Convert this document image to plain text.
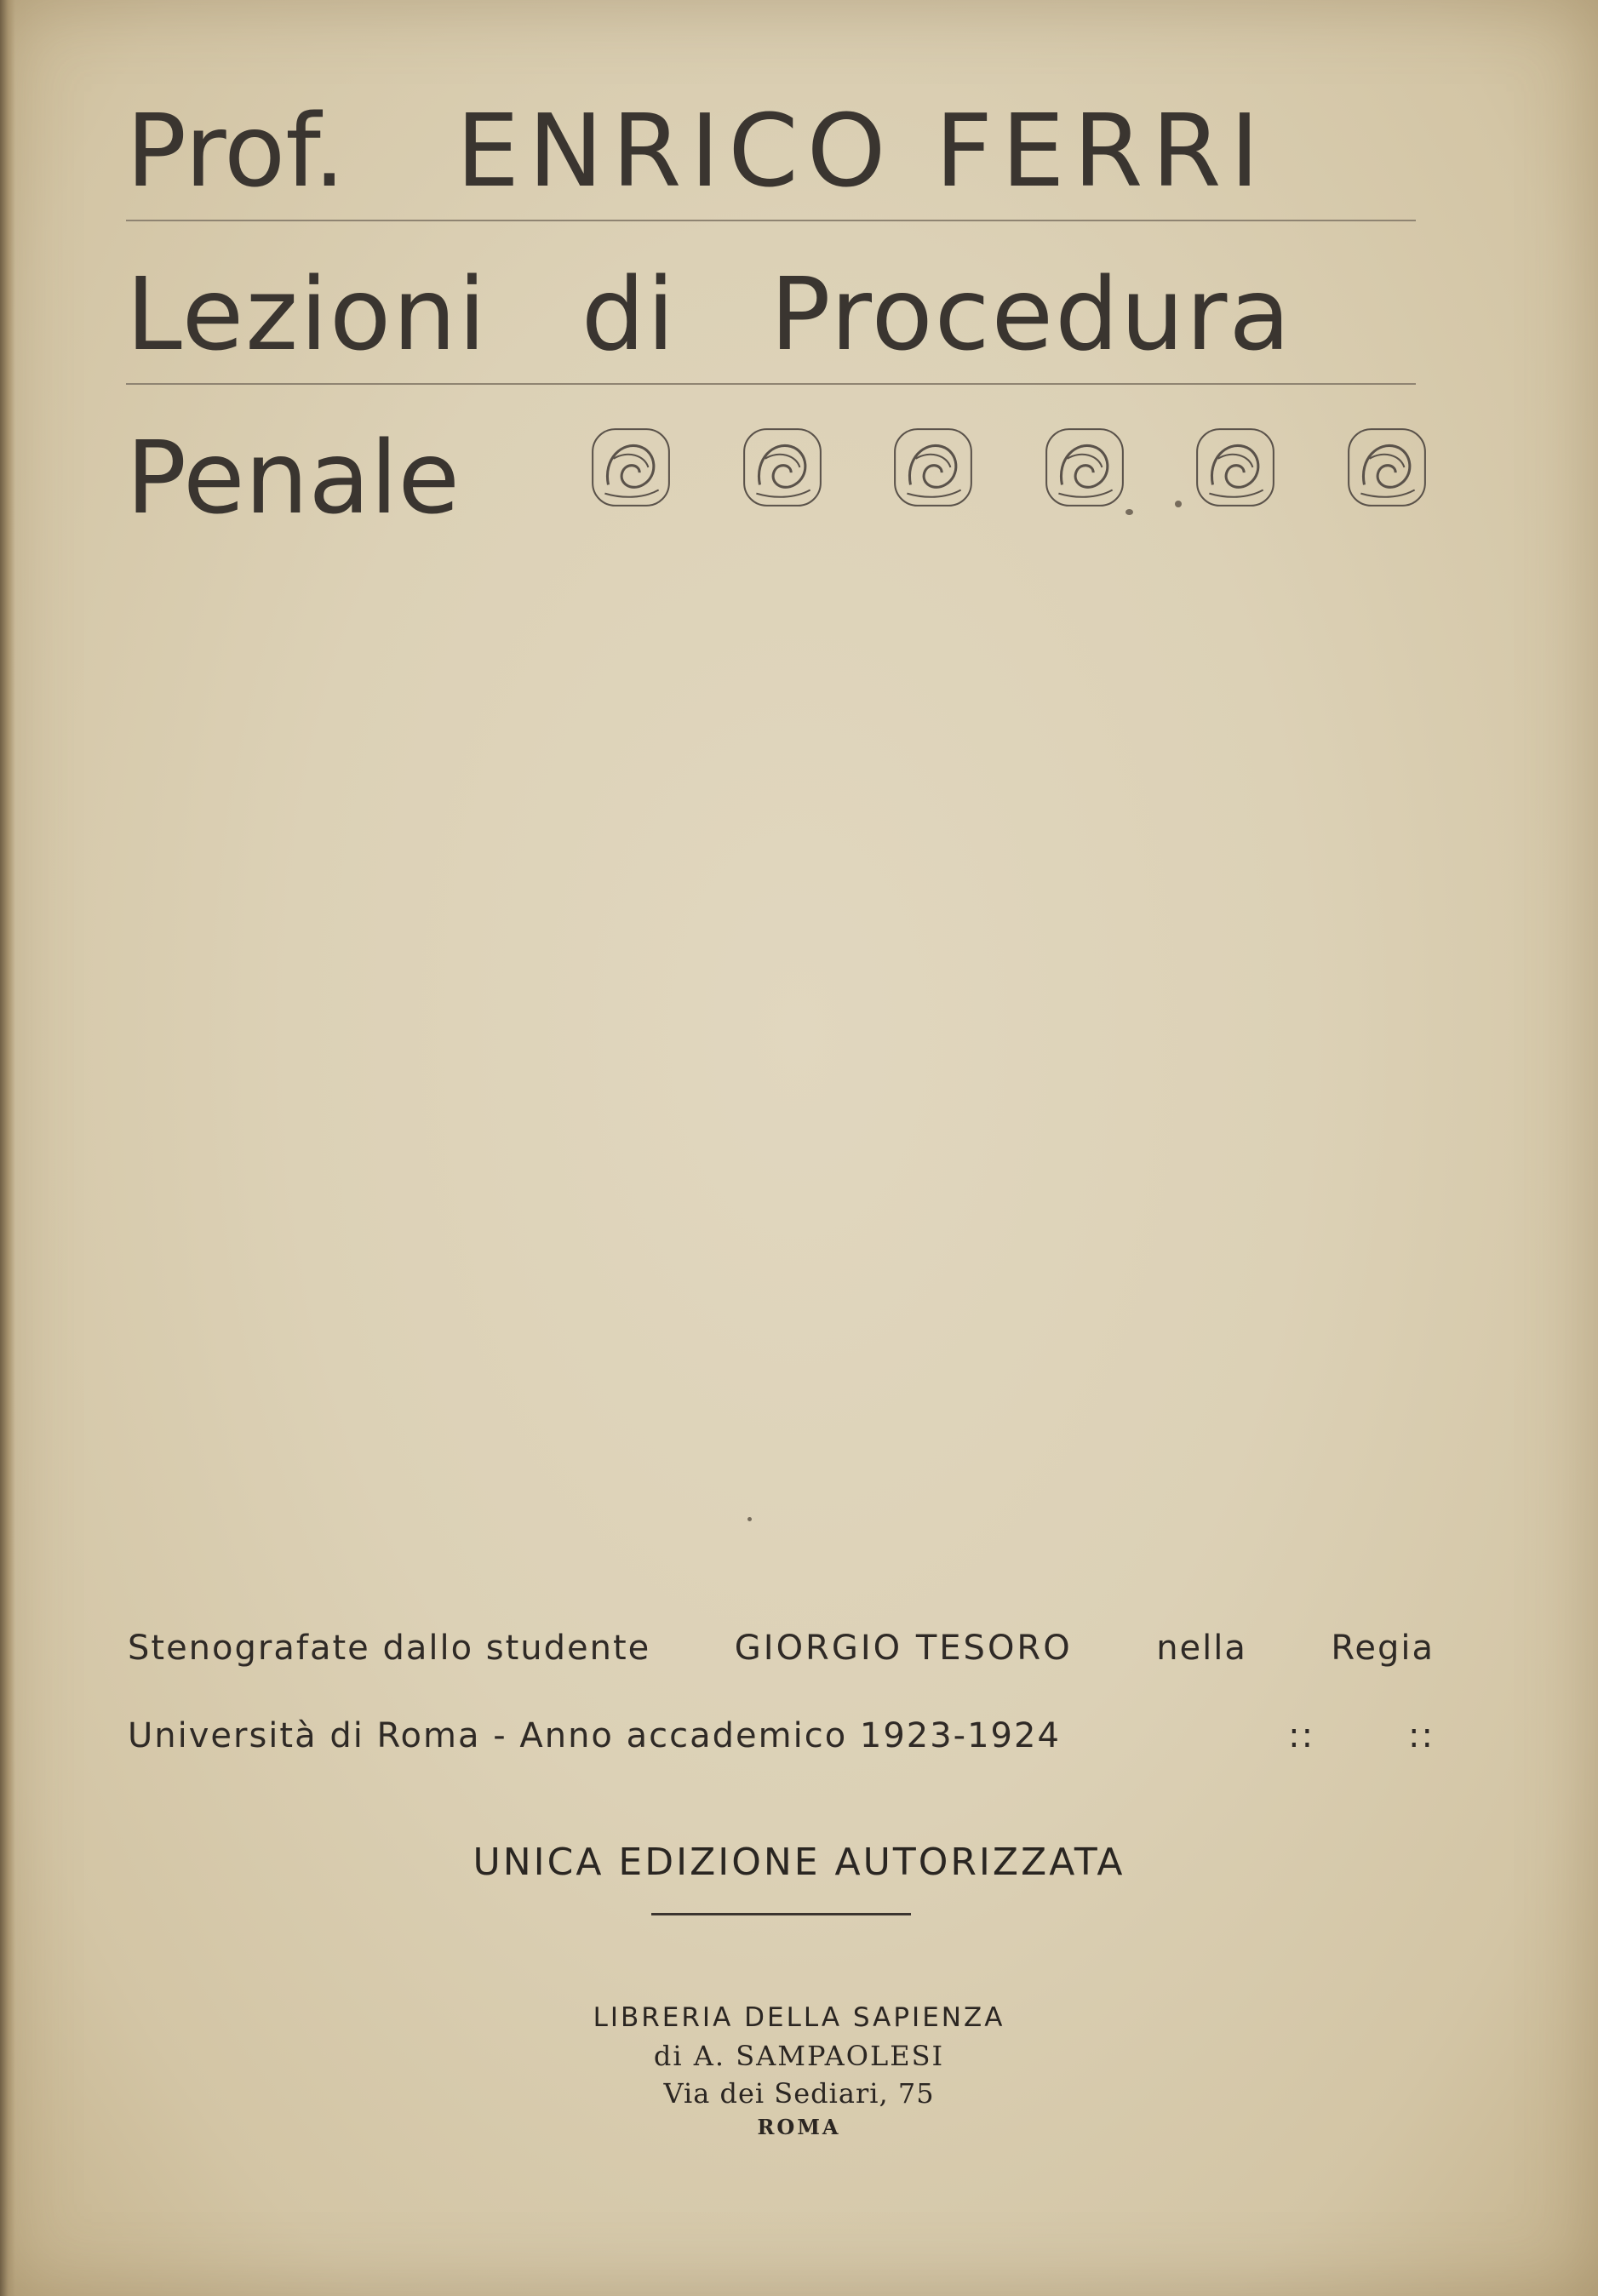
Prof. ENRICO FERRI
Lezioni di Procedura
Penale
Stenografate dallo studente GIORGIO TESORO nella Regia
Università di Roma - Anno accademico 1923-1924	::	::
UNICA EDIZIONE AUTORIZZATA
LIBRERIA DELLA SAPIENZA
di A. SAMPAOLESI
Via dei Sediari, 75
ROMA
